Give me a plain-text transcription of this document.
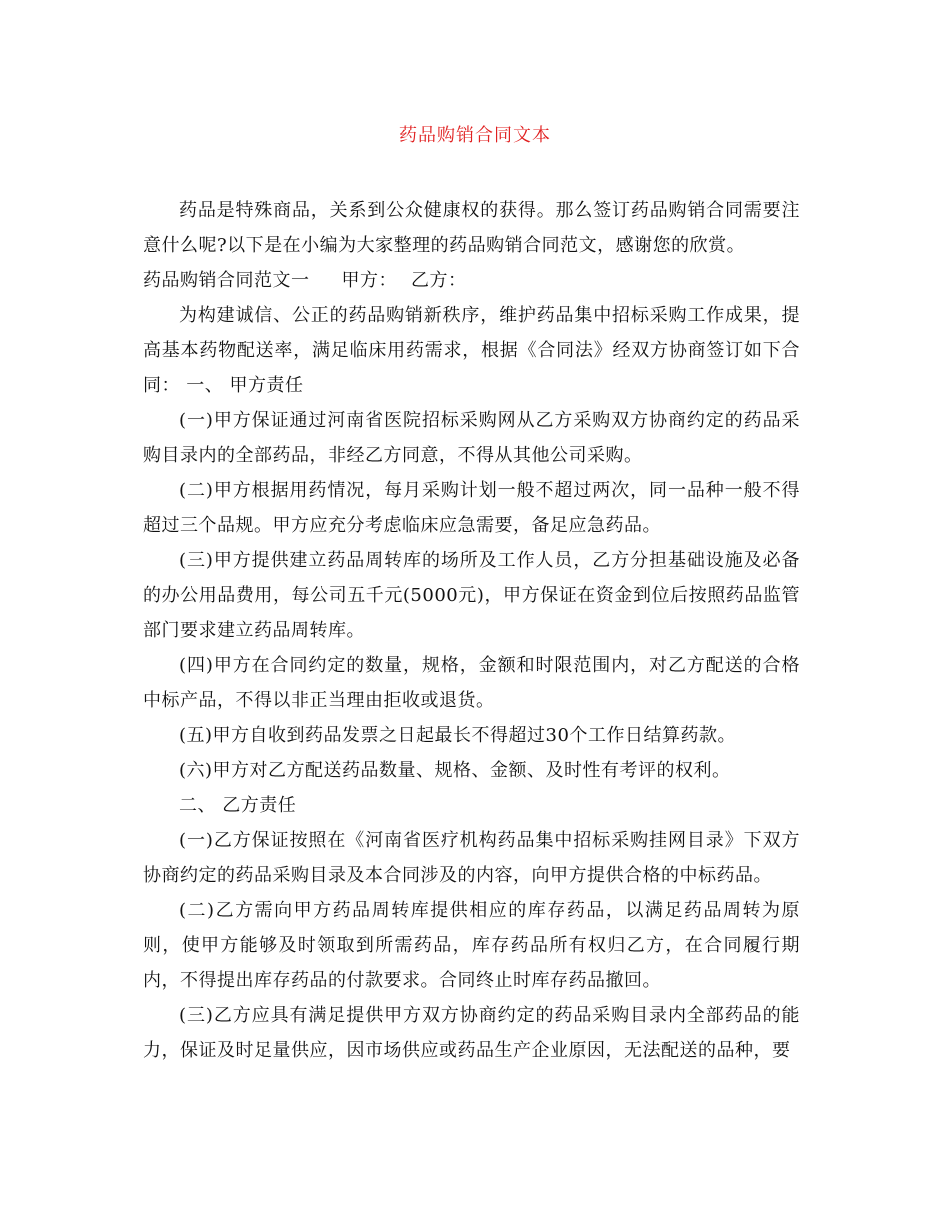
药品购销合同文本

药品是特殊商品，关系到公众健康权的获得。那么签订药品购销合同需要注意什么呢?以下是在小编为大家整理的药品购销合同范文，感谢您的欣赏。

药品购销合同范文一 甲方： 乙方：

为构建诚信、公正的药品购销新秩序，维护药品集中招标采购工作成果，提高基本药物配送率，满足临床用药需求，根据《合同法》经双方协商签订如下合同： 一、 甲方责任

(一)甲方保证通过河南省医院招标采购网从乙方采购双方协商约定的药品采购目录内的全部药品，非经乙方同意，不得从其他公司采购。

(二)甲方根据用药情况，每月采购计划一般不超过两次，同一品种一般不得超过三个品规。甲方应充分考虑临床应急需要，备足应急药品。

(三)甲方提供建立药品周转库的场所及工作人员，乙方分担基础设施及必备的办公用品费用，每公司五千元(5000元)，甲方保证在资金到位后按照药品监管部门要求建立药品周转库。

(四)甲方在合同约定的数量，规格，金额和时限范围内，对乙方配送的合格中标产品，不得以非正当理由拒收或退货。

(五)甲方自收到药品发票之日起最长不得超过30个工作日结算药款。

(六)甲方对乙方配送药品数量、规格、金额、及时性有考评的权利。

二、 乙方责任

(一)乙方保证按照在《河南省医疗机构药品集中招标采购挂网目录》下双方协商约定的药品采购目录及本合同涉及的内容，向甲方提供合格的中标药品。

(二)乙方需向甲方药品周转库提供相应的库存药品，以满足药品周转为原则，使甲方能够及时领取到所需药品，库存药品所有权归乙方，在合同履行期内，不得提出库存药品的付款要求。合同终止时库存药品撤回。

(三)乙方应具有满足提供甲方双方协商约定的药品采购目录内全部药品的能力，保证及时足量供应，因市场供应或药品生产企业原因，无法配送的品种，要
